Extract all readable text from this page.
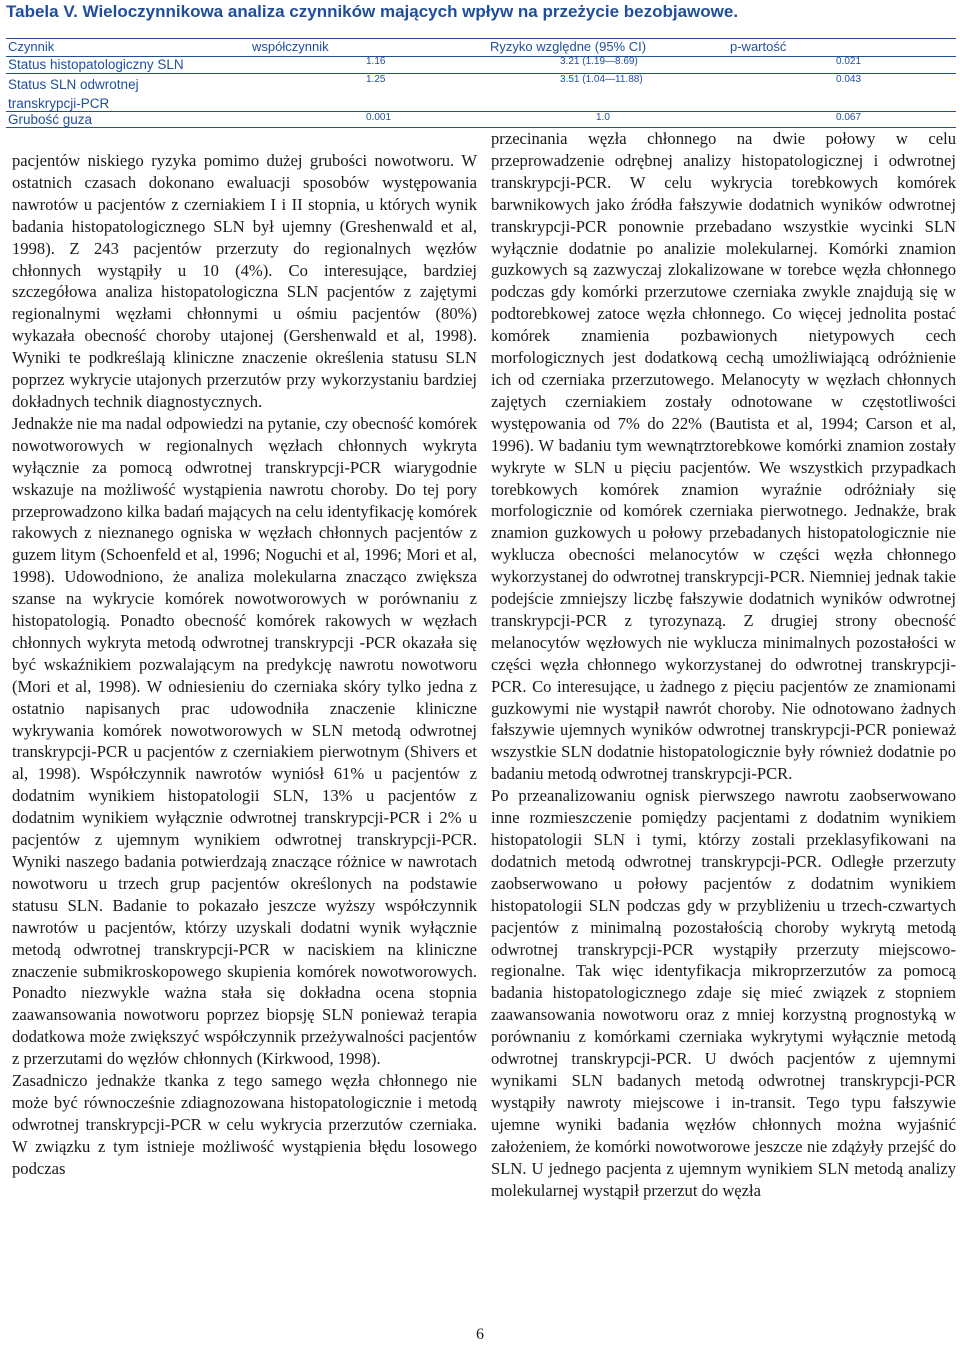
Tabela V. Wieloczynnikowa analiza czynników mających wpływ na przeżycie bezobjawowe.
Czynnik	współczynnik	Ryzyko względne (95% CI)	p-wartość
Status histopatologiczny SLN	1.16	3.21 (1.19—8.69)	0.021
Status SLN odwrotnej
transkrypcji-PCR
1.25	3.51 (1.04—11.88)	0.043
Grubość guza	0.001	1.0	0.067

pacjentów niskiego ryzyka pomimo dużej grubości nowotworu. W ostatnich czasach dokonano ewaluacji sposobów występowania nawrotów u pacjentów z czerniakiem I i II stopnia, u których wynik badania histopatologicznego SLN był ujemny (Greshenwald et al, 1998). Z 243 pacjentów przerzuty do regionalnych węzłów chłonnych wystąpiły u 10 (4%). Co interesujące, bardziej szczegółowa analiza histopatologiczna SLN pacjentów z zajętymi regionalnymi węzłami chłonnymi u ośmiu pacjentów (80%) wykazała obecność choroby utajonej (Gershenwald et al, 1998). Wyniki te podkreślają kliniczne znaczenie określenia statusu SLN poprzez wykrycie utajonych przerzutów przy wykorzystaniu bardziej dokładnych technik diagnostycznych.

Jednakże nie ma nadal odpowiedzi na pytanie, czy obecność komórek nowotworowych w regionalnych węzłach chłonnych wykryta wyłącznie za pomocą odwrotnej transkrypcji-PCR wiarygodnie wskazuje na możliwość wystąpienia nawrotu choroby. Do tej pory przeprowadzono kilka badań mających na celu identyfikację komórek rakowych z nieznanego ogniska w węzłach chłonnych pacjentów z guzem litym (Schoenfeld et al, 1996; Noguchi et al, 1996; Mori et al, 1998). Udowodniono, że analiza molekularna znacząco zwiększa szanse na wykrycie komórek nowotworowych w porównaniu z histopatologią. Ponadto obecność komórek rakowych w węzłach chłonnych wykryta metodą odwrotnej transkrypcji -PCR okazała się być wskaźnikiem pozwalającym na predykcję nawrotu nowotworu (Mori et al, 1998). W odniesieniu do czerniaka skóry tylko jedna z ostatnio napisanych prac udowodniła znaczenie kliniczne wykrywania komórek nowotworowych w SLN metodą odwrotnej transkrypcji-PCR u pacjentów z czerniakiem pierwotnym (Shivers et al, 1998). Współczynnik nawrotów wyniósł 61% u pacjentów z dodatnim wynikiem histopatologii SLN, 13% u pacjentów z dodatnim wynikiem wyłącznie odwrotnej transkrypcji-PCR i 2% u pacjentów z ujemnym wynikiem odwrotnej transkrypcji-PCR. Wyniki naszego badania potwierdzają znaczące różnice w nawrotach nowotworu u trzech grup pacjentów określonych na podstawie statusu SLN. Badanie to pokazało jeszcze wyższy współczynnik nawrotów u pacjentów, którzy uzyskali dodatni wynik wyłącznie metodą odwrotnej transkrypcji-PCR w naciskiem na kliniczne znaczenie submikroskopowego skupienia komórek nowotworowych. Ponadto niezwykle ważna stała się dokładna ocena stopnia zaawansowania nowotworu poprzez biopsję SLN ponieważ terapia dodatkowa może zwiększyć współczynnik przeżywalności pacjentów z przerzutami do węzłów chłonnych (Kirkwood, 1998).

Zasadniczo jednakże tkanka z tego samego węzła chłonnego nie może być równocześnie zdiagnozowana histopatologicznie i metodą odwrotnej transkrypcji-PCR w celu wykrycia przerzutów czerniaka. W związku z tym istnieje możliwość wystąpienia błędu losowego podczas

przecinania węzła chłonnego na dwie połowy w celu przeprowadzenie odrębnej analizy histopatologicznej i odwrotnej transkrypcji-PCR. W celu wykrycia torebkowych komórek barwnikowych jako źródła fałszywie dodatnich wyników odwrotnej transkrypcji-PCR ponownie przebadano wszystkie wycinki SLN wyłącznie dodatnie po analizie molekularnej. Komórki znamion guzkowych są zazwyczaj zlokalizowane w torebce węzła chłonnego podczas gdy komórki przerzutowe czerniaka zwykle znajdują się w podtorebkowej zatoce węzła chłonnego. Co więcej jednolita postać komórek znamienia pozbawionych nietypowych cech morfologicznych jest dodatkową cechą umożliwiającą odróżnienie ich od czerniaka przerzutowego. Melanocyty w węzłach chłonnych zajętych czerniakiem zostały odnotowane w częstotliwości występowania od 7% do 22% (Bautista et al, 1994; Carson et al, 1996). W badaniu tym wewnątrztorebkowe komórki znamion zostały wykryte w SLN u pięciu pacjentów. We wszystkich przypadkach torebkowych komórek znamion wyraźnie odróżniały się morfologicznie od komórek czerniaka pierwotnego. Jednakże, brak znamion guzkowych u połowy przebadanych histopatologicznie nie wyklucza obecności melanocytów w części węzła chłonnego wykorzystanej do odwrotnej transkrypcji-PCR. Niemniej jednak takie podejście zmniejszy liczbę fałszywie dodatnich wyników odwrotnej transkrypcji-PCR z tyrozynazą. Z drugiej strony obecność melanocytów węzłowych nie wyklucza minimalnych pozostałości w części węzła chłonnego wykorzystanej do odwrotnej transkrypcji-PCR. Co interesujące, u żadnego z pięciu pacjentów ze znamionami guzkowymi nie wystąpił nawrót choroby. Nie odnotowano żadnych fałszywie ujemnych wyników odwrotnej transkrypcji-PCR ponieważ wszystkie SLN dodatnie histopatologicznie były również dodatnie po badaniu metodą odwrotnej transkrypcji-PCR.

Po przeanalizowaniu ognisk pierwszego nawrotu zaobserwowano inne rozmieszczenie pomiędzy pacjentami z dodatnim wynikiem histopatologii SLN i tymi, którzy zostali przeklasyfikowani na dodatnich metodą odwrotnej transkrypcji-PCR. Odległe przerzuty zaobserwowano u połowy pacjentów z dodatnim wynikiem histopatologii SLN podczas gdy w przybliżeniu u trzech-czwartych pacjentów z minimalną pozostałością choroby wykrytą metodą odwrotnej transkrypcji-PCR wystąpiły przerzuty miejscowo-regionalne. Tak więc identyfikacja mikroprzerzutów za pomocą badania histopatologicznego zdaje się mieć związek z stopniem zaawansowania nowotworu oraz z mniej korzystną prognostyką w porównaniu z komórkami czerniaka wykrytymi wyłącznie metodą odwrotnej transkrypcji-PCR. U dwóch pacjentów z ujemnymi wynikami SLN badanych metodą odwrotnej transkrypcji-PCR wystąpiły nawroty miejscowe i in-transit. Tego typu fałszywie ujemne wyniki badania węzłów chłonnych można wyjaśnić założeniem, że komórki nowotworowe jeszcze nie zdążyły przejść do SLN. U jednego pacjenta z ujemnym wynikiem SLN metodą analizy molekularnej wystąpił przerzut do węzła

6
